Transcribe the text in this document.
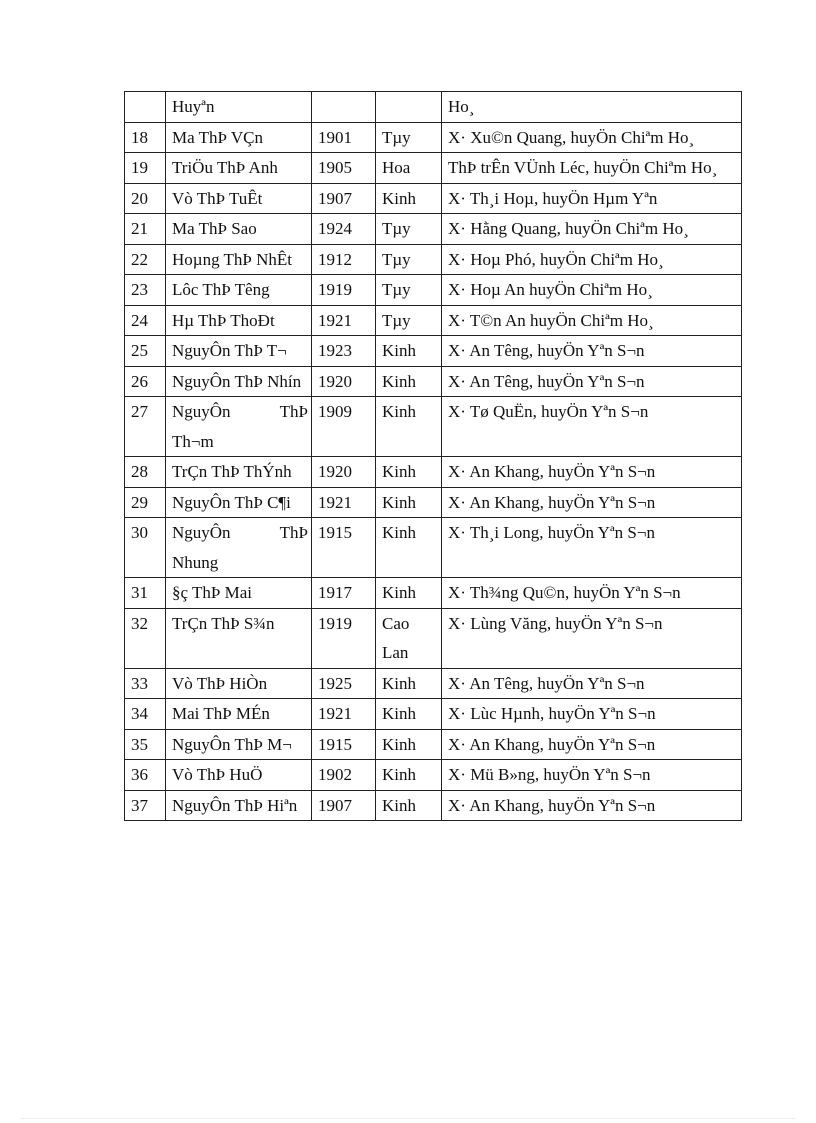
	Huyªn			Ho¸
18	Ma ThÞ VÇn	1901	Tµy	X· Xu©n Quang, huyÖn Chiªm Ho¸
19	TriÖu ThÞ Anh	1905	Hoa	ThÞ trÊn VÜnh Léc, huyÖn Chiªm Ho¸
20	Vò ThÞ TuÊt	1907	Kinh	X· Th¸i Hoµ, huyÖn Hµm Yªn
21	Ma ThÞ Sao	1924	Tµy	X· Hằng Quang, huyÖn Chiªm Ho¸
22	Hoµng ThÞ NhÊt	1912	Tµy	X· Hoµ Phó, huyÖn Chiªm Ho¸
23	Lôc ThÞ Têng	1919	Tµy	X· Hoµ An huyÖn Chiªm Ho¸
24	Hµ ThÞ ThoÐt	1921	Tµy	X· T©n An huyÖn Chiªm Ho¸
25	NguyÔn ThÞ T¬	1923	Kinh	X· An Têng, huyÖn Yªn S¬n
26	NguyÔn ThÞ Nhín	1920	Kinh	X· An Têng, huyÖn Yªn S¬n
27	NguyÔn ThÞ Th¬m	1909	Kinh	X· Tø QuËn, huyÖn Yªn S¬n
28	TrÇn ThÞ ThÝnh	1920	Kinh	X· An Khang, huyÖn Yªn S¬n
29	NguyÔn ThÞ C¶i	1921	Kinh	X· An Khang, huyÖn Yªn S¬n
30	NguyÔn ThÞ Nhung	1915	Kinh	X· Th¸i Long, huyÖn Yªn S¬n
31	§ç ThÞ Mai	1917	Kinh	X· Th¾ng Qu©n, huyÖn Yªn S¬n
32	TrÇn ThÞ S¾n	1919	Cao Lan	X· Lùng Văng, huyÖn Yªn S¬n
33	Vò ThÞ HiÒn	1925	Kinh	X· An Têng, huyÖn Yªn S¬n
34	Mai ThÞ MÉn	1921	Kinh	X· Lùc Hµnh, huyÖn Yªn S¬n
35	NguyÔn ThÞ M¬	1915	Kinh	X· An Khang, huyÖn Yªn S¬n
36	Vò ThÞ HuÖ	1902	Kinh	X· Mü B»ng, huyÖn Yªn S¬n
37	NguyÔn ThÞ Hiªn	1907	Kinh	X· An Khang, huyÖn Yªn S¬n
